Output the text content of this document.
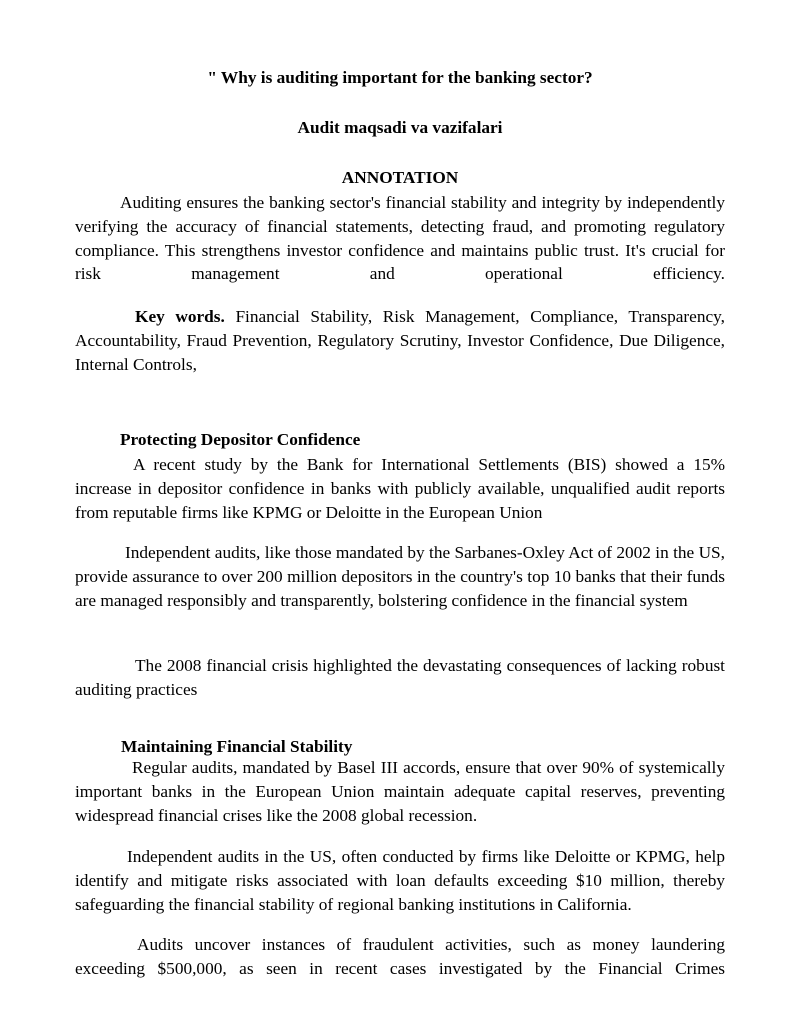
" Why is auditing important for the banking sector?
Audit maqsadi va vazifalari
ANNOTATION

Auditing ensures the banking sector's financial stability and integrity by independently verifying the accuracy of financial statements, detecting fraud, and promoting regulatory compliance. This strengthens investor confidence and maintains public trust. It's crucial for risk management and operational efficiency.

Key words. Financial Stability, Risk Management, Compliance, Transparency, Accountability, Fraud Prevention, Regulatory Scrutiny, Investor Confidence, Due Diligence, Internal Controls,

Protecting Depositor Confidence

A recent study by the Bank for International Settlements (BIS) showed a 15% increase in depositor confidence in banks with publicly available, unqualified audit reports from reputable firms like KPMG or Deloitte in the European Union

Independent audits, like those mandated by the Sarbanes-Oxley Act of 2002 in the US, provide assurance to over 200 million depositors in the country's top 10 banks that their funds are managed responsibly and transparently, bolstering confidence in the financial system

The 2008 financial crisis highlighted the devastating consequences of lacking robust auditing practices

Maintaining Financial Stability

Regular audits, mandated by Basel III accords, ensure that over 90% of systemically important banks in the European Union maintain adequate capital reserves, preventing widespread financial crises like the 2008 global recession.

Independent audits in the US, often conducted by firms like Deloitte or KPMG, help identify and mitigate risks associated with loan defaults exceeding $10 million, thereby safeguarding the financial stability of regional banking institutions in California.

Audits uncover instances of fraudulent activities, such as money laundering exceeding $500,000, as seen in recent cases investigated by the Financial Crimes
